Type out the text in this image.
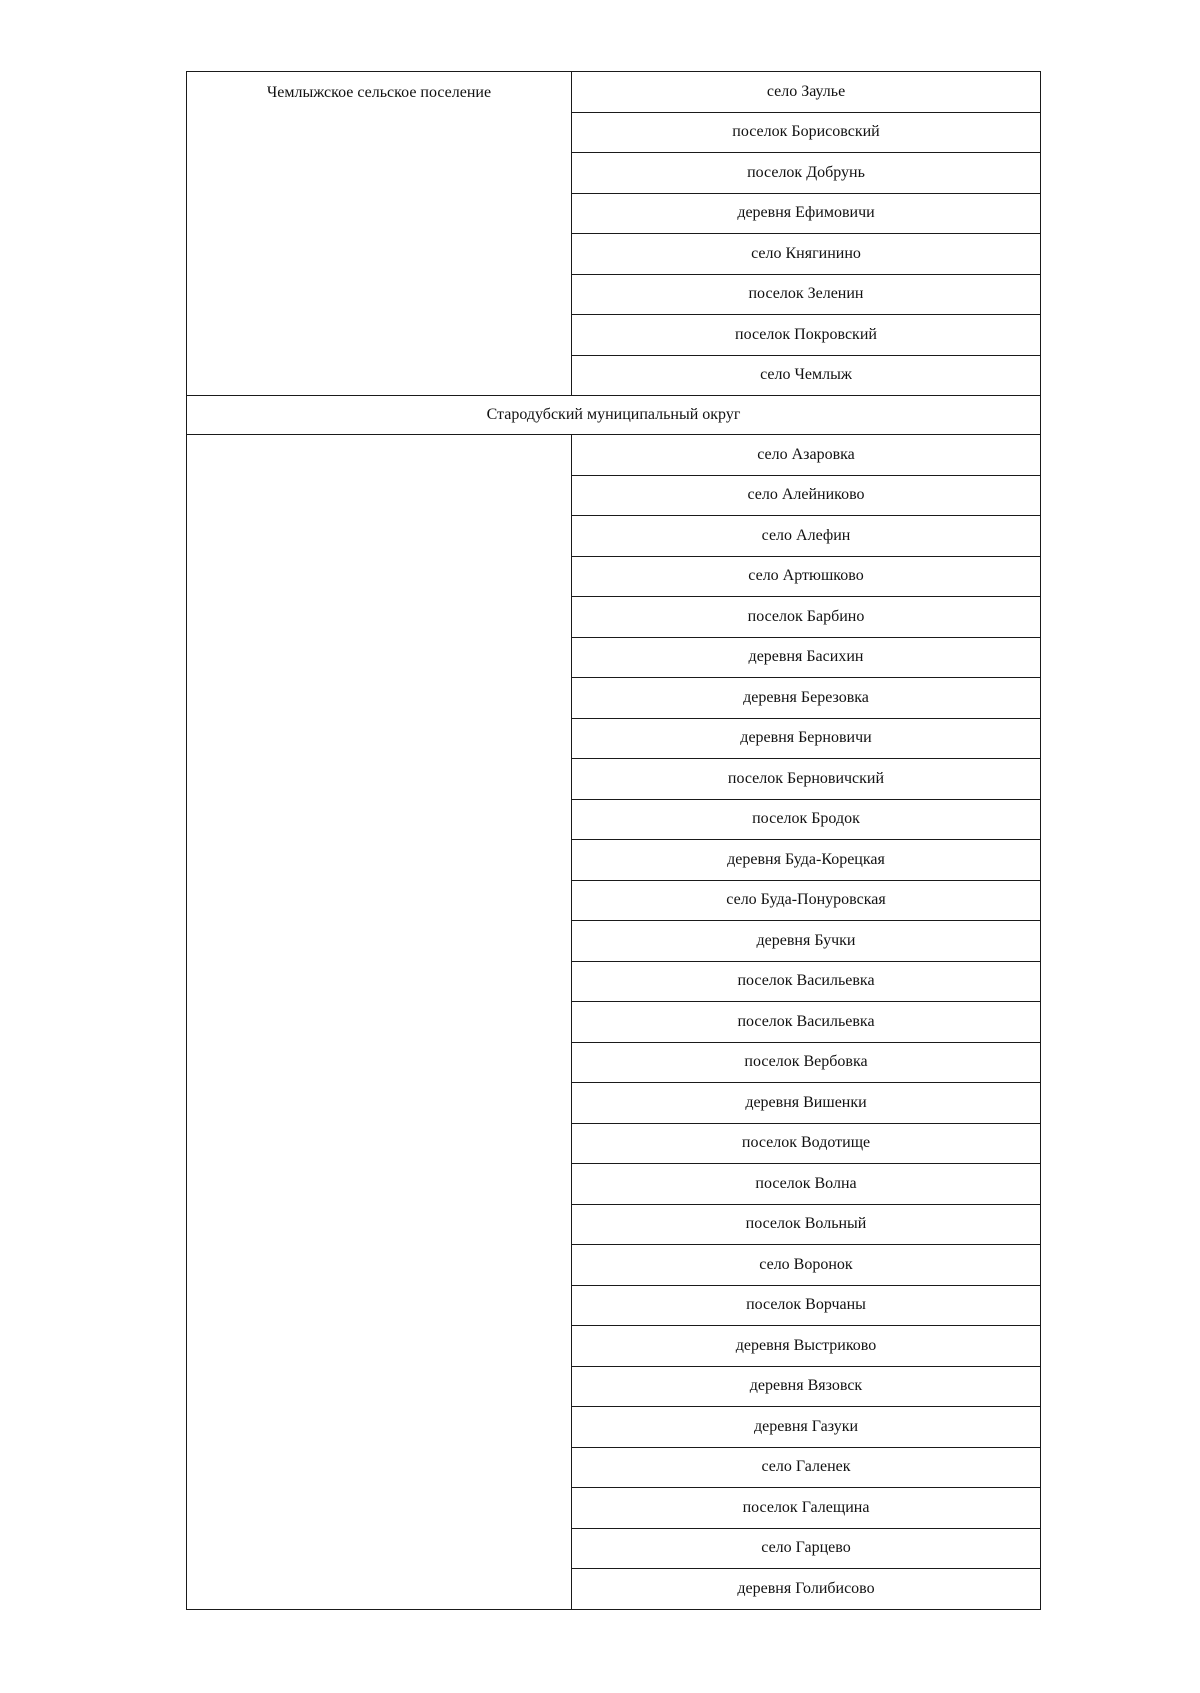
Чемлыжское сельское поселение	село Заулье
	поселок Борисовский
	поселок Добрунь
	деревня Ефимовичи
	село Княгинино
	поселок Зеленин
	поселок Покровский
	село Чемлыж
Стародубский муниципальный округ	
	село Азаровка
	село Алейниково
	село Алефин
	село Артюшково
	поселок Барбино
	деревня Басихин
	деревня Березовка
	деревня Берновичи
	поселок Берновичский
	поселок Бродок
	деревня Буда-Корецкая
	село Буда-Понуровская
	деревня Бучки
	поселок Васильевка
	поселок Васильевка
	поселок Вербовка
	деревня Вишенки
	поселок Водотище
	поселок Волна
	поселок Вольный
	село Воронок
	поселок Ворчаны
	деревня Выстриково
	деревня Вязовск
	деревня Газуки
	село Галенек
	поселок Галещина
	село Гарцево
	деревня Голибисово
